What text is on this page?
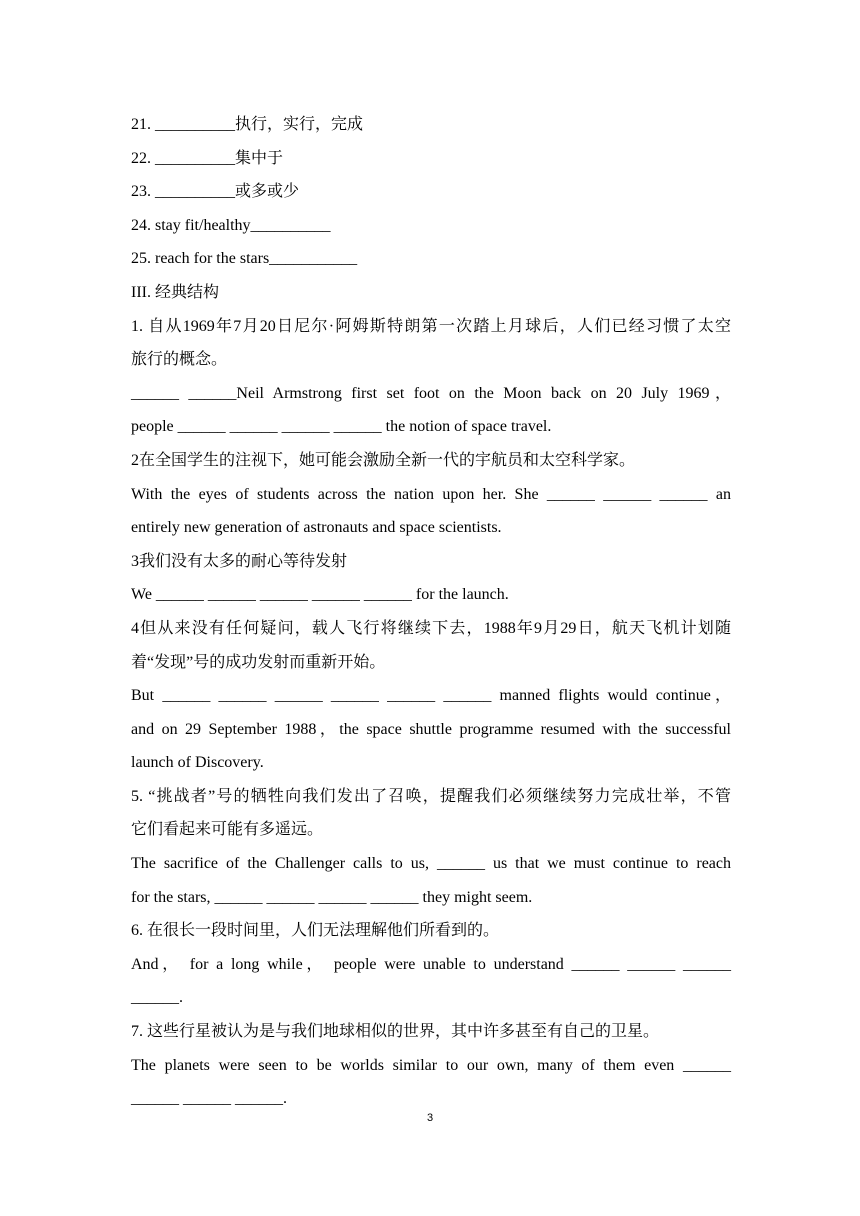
21. __________执行，实行，完成
22. __________集中于
23. __________或多或少
24. stay fit/healthy__________
25. reach for the stars___________
III. 经典结构
1. 自从1969年7月20日尼尔·阿姆斯特朗第一次踏上月球后，人们已经习惯了太空
旅行的概念。
______ ______Neil Armstrong first set foot on the Moon back on 20 July 1969，
people ______ ______ ______ ______ the notion of space travel.
2在全国学生的注视下，她可能会激励全新一代的宇航员和太空科学家。
With the eyes of students across the nation upon her. She ______ ______ ______ an
entirely new generation of astronauts and space scientists.
3我们没有太多的耐心等待发射
We ______ ______ ______ ______ ______ for the launch.
4但从来没有任何疑问，载人飞行将继续下去，1988年9月29日，航天飞机计划随
着“发现”号的成功发射而重新开始。
But ______ ______ ______ ______ ______ ______ manned flights would continue，
and on 29 September 1988，the space shuttle programme resumed with the successful
launch of Discovery.
5. “挑战者”号的牺牲向我们发出了召唤，提醒我们必须继续努力完成壮举，不管
它们看起来可能有多遥远。
The sacrifice of the Challenger calls to us, ______ us that we must continue to reach
for the stars, ______ ______ ______ ______ they might seem.
6. 在很长一段时间里，人们无法理解他们所看到的。
And， for a long while， people were unable to understand ______ ______ ______
______.
7. 这些行星被认为是与我们地球相似的世界，其中许多甚至有自己的卫星。
The planets were seen to be worlds similar to our own, many of them even ______
______ ______ ______.
3
